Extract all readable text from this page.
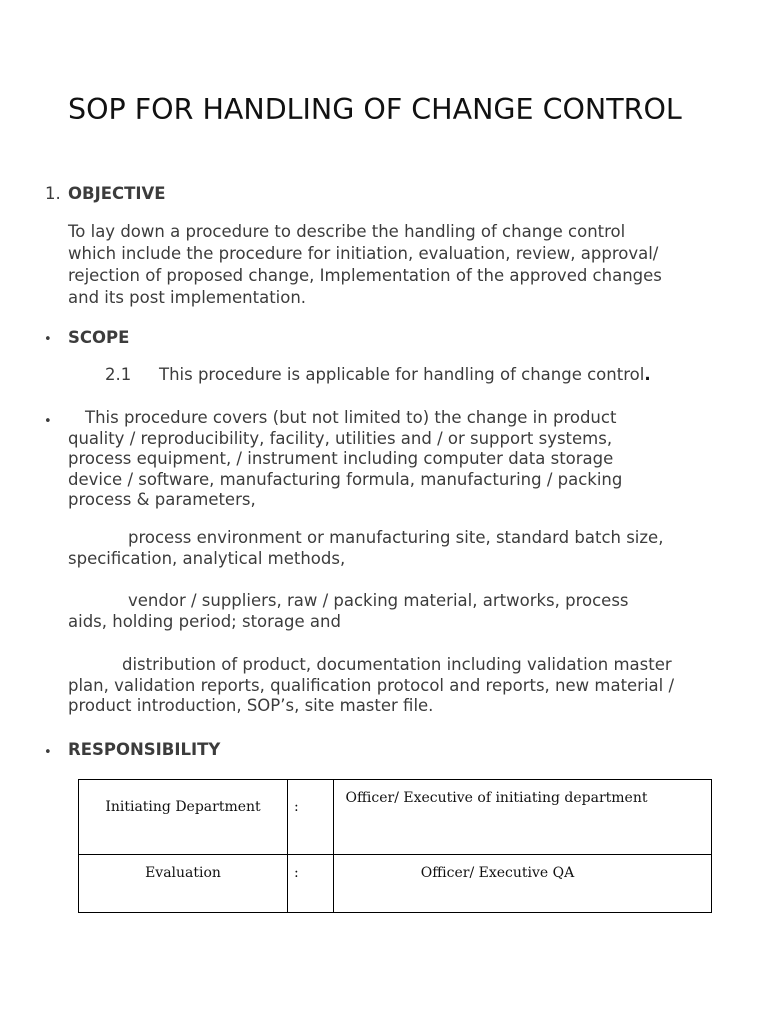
SOP FOR HANDLING OF CHANGE CONTROL
1. OBJECTIVE
To lay down a procedure to describe the handling of change control which include the procedure for initiation, evaluation, review, approval/ rejection of proposed change, Implementation of the approved changes and its post implementation.
• SCOPE
2.1 This procedure is applicable for handling of change control.
•	This procedure covers (but not limited to) the change in product quality / reproducibility, facility, utilities and / or support systems, process equipment, / instrument including computer data storage device / software, manufacturing formula, manufacturing / packing process & parameters,
process environment or manufacturing site, standard batch size, specification, analytical methods,
vendor / suppliers, raw / packing material, artworks, process aids, holding period; storage and
distribution of product, documentation including validation master plan, validation reports, qualification protocol and reports, new material / product introduction, SOP’s, site master file.
• RESPONSIBILITY
Initiating Department	:	Officer/ Executive of initiating department

Evaluation	:	Officer/ Executive QA
